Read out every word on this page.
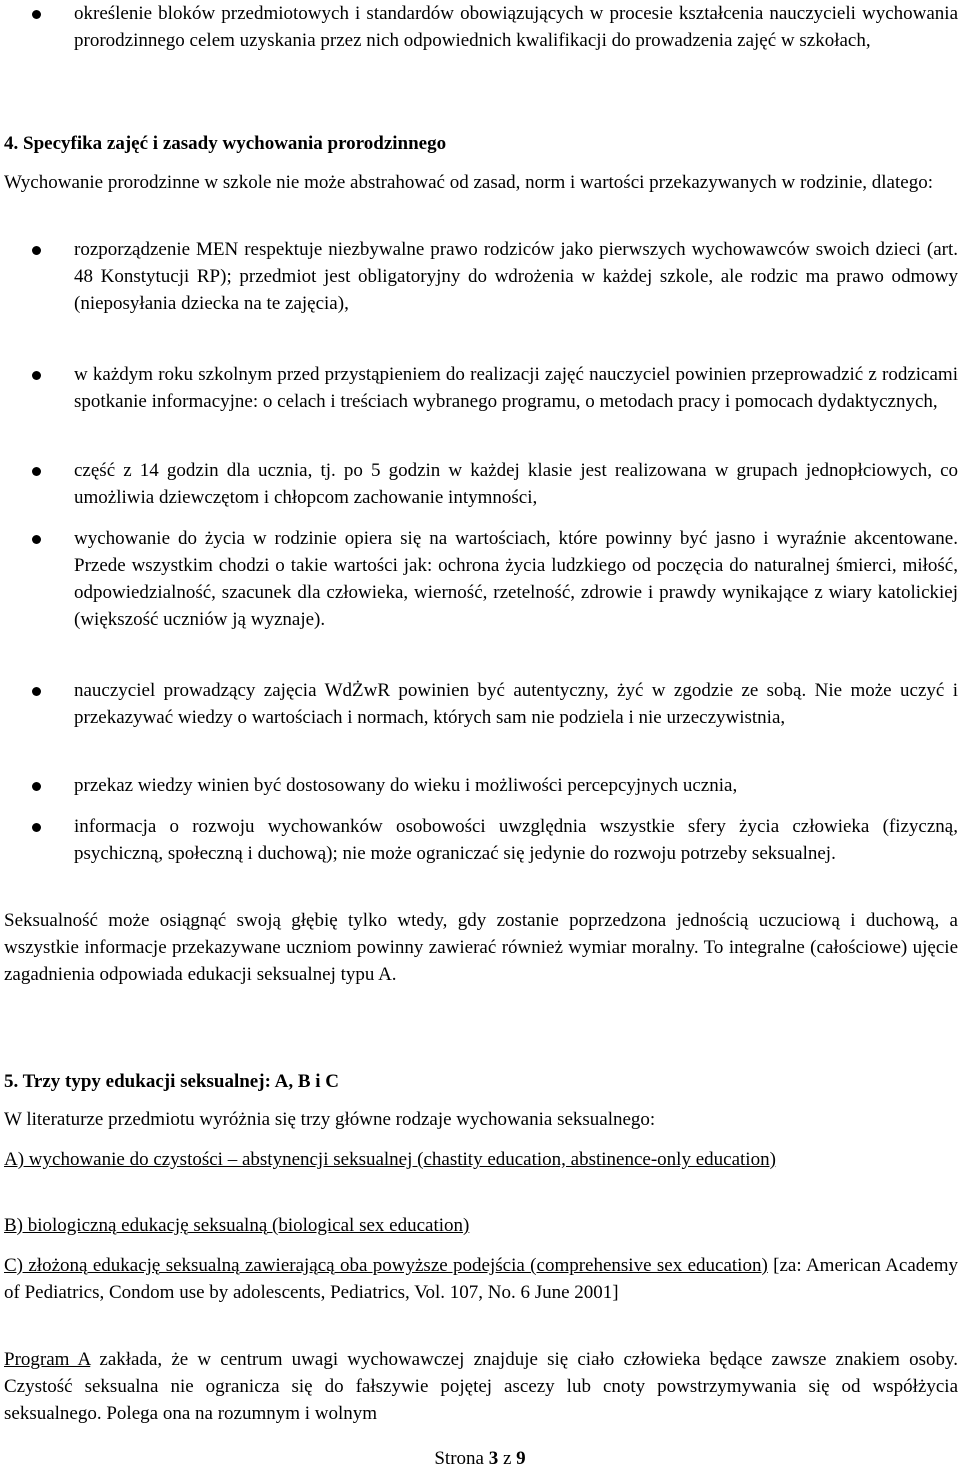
określenie bloków przedmiotowych i standardów obowiązujących w procesie kształcenia nauczycieli wychowania prorodzinnego celem uzyskania przez nich odpowiednich kwalifikacji do prowadzenia zajęć w szkołach,
4. Specyfika zajęć i zasady wychowania prorodzinnego
Wychowanie prorodzinne w szkole nie może abstrahować od zasad, norm i wartości przekazywanych w rodzinie, dlatego:
rozporządzenie MEN respektuje niezbywalne prawo rodziców jako pierwszych wychowawców swoich dzieci (art. 48 Konstytucji RP); przedmiot jest obligatoryjny do wdrożenia w każdej szkole, ale rodzic ma prawo odmowy (nieposyłania dziecka na te zajęcia),
w każdym roku szkolnym przed przystąpieniem do realizacji zajęć nauczyciel powinien przeprowadzić z rodzicami spotkanie informacyjne: o celach i treściach wybranego programu, o metodach pracy i pomocach dydaktycznych,
część z 14 godzin dla ucznia, tj. po 5 godzin w każdej klasie jest realizowana w grupach jednopłciowych, co umożliwia dziewczętom i chłopcom zachowanie intymności,
wychowanie do życia w rodzinie opiera się na wartościach, które powinny być jasno i wyraźnie akcentowane. Przede wszystkim chodzi o takie wartości jak: ochrona życia ludzkiego od poczęcia do naturalnej śmierci, miłość, odpowiedzialność, szacunek dla człowieka, wierność, rzetelność, zdrowie i prawdy wynikające z wiary katolickiej (większość uczniów ją wyznaje).
nauczyciel prowadzący zajęcia WdŻwR powinien być autentyczny, żyć w zgodzie ze sobą. Nie może uczyć i przekazywać wiedzy o wartościach i normach, których sam nie podziela i nie urzeczywistnia,
przekaz wiedzy winien być dostosowany do wieku i możliwości percepcyjnych ucznia,
informacja o rozwoju wychowanków osobowości uwzględnia wszystkie sfery życia człowieka (fizyczną, psychiczną, społeczną i duchową); nie może ograniczać się jedynie do rozwoju potrzeby seksualnej.
Seksualność może osiągnąć swoją głębię tylko wtedy, gdy zostanie poprzedzona jednością uczuciową i duchową, a wszystkie informacje przekazywane uczniom powinny zawierać również wymiar moralny. To integralne (całościowe) ujęcie zagadnienia odpowiada edukacji seksualnej typu A.
5. Trzy typy edukacji seksualnej: A, B i C
W literaturze przedmiotu wyróżnia się trzy główne rodzaje wychowania seksualnego:
A) wychowanie do czystości – abstynencji seksualnej (chastity education, abstinence-only education)
B) biologiczną edukację seksualną (biological sex education)
C) złożoną edukację seksualną zawierającą oba powyższe podejścia (comprehensive sex education) [za: American Academy of Pediatrics, Condom use by adolescents, Pediatrics, Vol. 107, No. 6 June 2001]
Program A zakłada, że w centrum uwagi wychowawczej znajduje się ciało człowieka będące zawsze znakiem osoby. Czystość seksualna nie ogranicza się do fałszywie pojętej ascezy lub cnoty powstrzymywania się od współżycia seksualnego. Polega ona na rozumnym i wolnym
Strona 3 z 9
